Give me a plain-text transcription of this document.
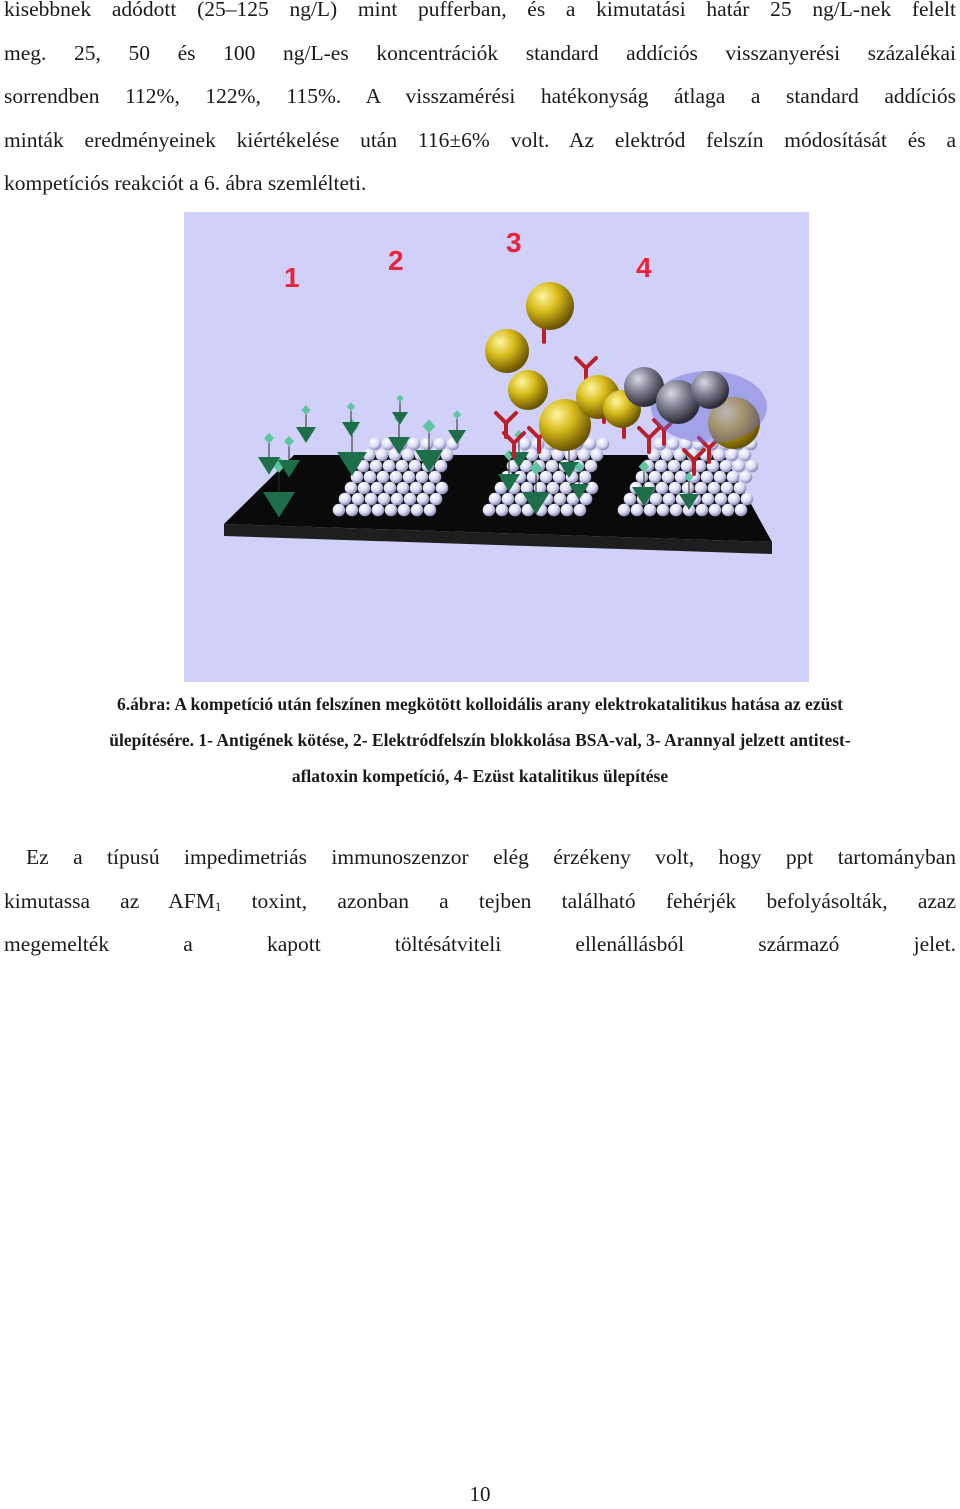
kisebbnek adódott (25–125 ng/L) mint pufferban, és a kimutatási határ 25 ng/L-nek felelt
meg. 25, 50 és 100 ng/L-es koncentrációk standard addíciós visszanyerési százalékai
sorrendben 112%, 122%, 115%. A visszamérési hatékonyság átlaga a standard addíciós
minták eredményeinek kiértékelése után 116±6% volt. Az elektród felszín módosítását és a
kompetíciós reakciót a 6. ábra szemlélteti.
1
2
3
4
6.ábra: A kompetíció után felszínen megkötött kolloidális arany elektrokatalitikus hatása az ezüst
ülepítésére. 1- Antigének kötése, 2- Elektródfelszín blokkolása BSA-val, 3- Arannyal jelzett antitest-
aflatoxin kompetíció, 4- Ezüst katalitikus ülepítése
Ez a típusú impedimetriás immunoszenzor elég érzékeny volt, hogy ppt tartományban
kimutassa az $AFM_1$ toxint, azonban a tejben található fehérjék befolyásolták, azaz
megemelték a kapott töltésátviteli ellenállásból származó jelet.
10
